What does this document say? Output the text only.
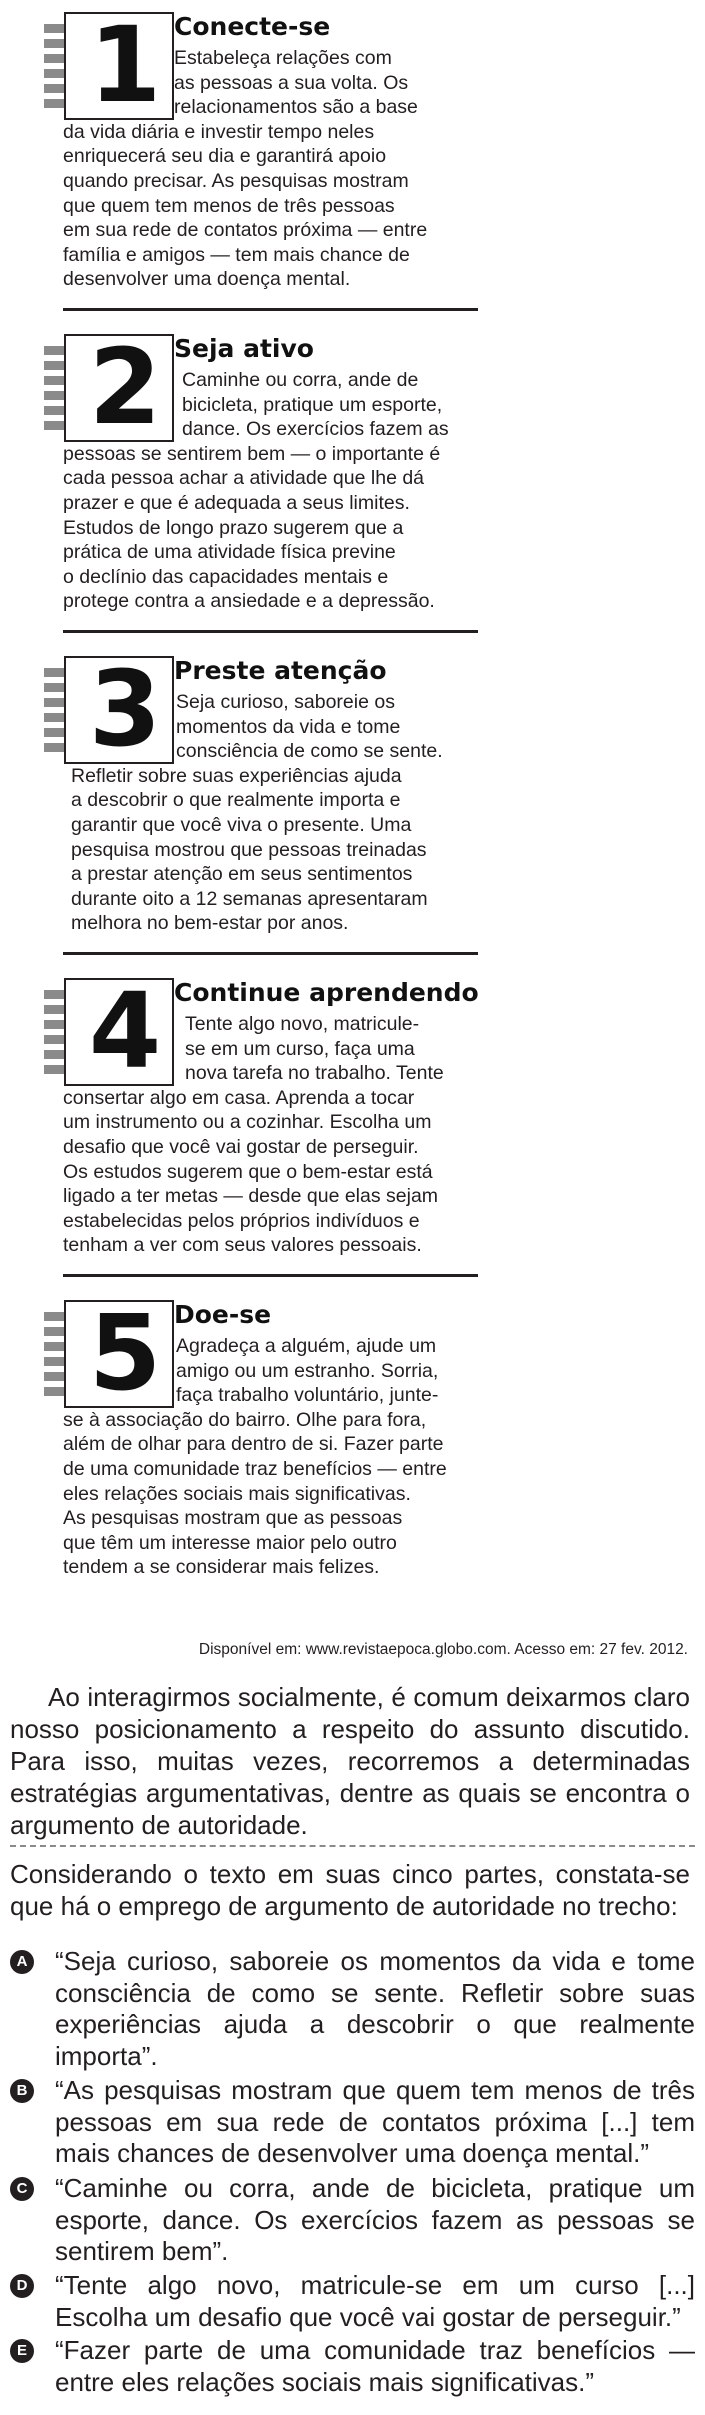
1 Conecte-se
Estabeleça relações com
as pessoas a sua volta. Os
relacionamentos são a base
da vida diária e investir tempo neles
enriquecerá seu dia e garantirá apoio
quando precisar. As pesquisas mostram
que quem tem menos de três pessoas
em sua rede de contatos próxima — entre
família e amigos — tem mais chance de
desenvolver uma doença mental.
2 Seja ativo
Caminhe ou corra, ande de
bicicleta, pratique um esporte,
dance. Os exercícios fazem as
pessoas se sentirem bem — o importante é
cada pessoa achar a atividade que lhe dá
prazer e que é adequada a seus limites.
Estudos de longo prazo sugerem que a
prática de uma atividade física previne
o declínio das capacidades mentais e
protege contra a ansiedade e a depressão.
3 Preste atenção
Seja curioso, saboreie os
momentos da vida e tome
consciência de como se sente.
Refletir sobre suas experiências ajuda
a descobrir o que realmente importa e
garantir que você viva o presente. Uma
pesquisa mostrou que pessoas treinadas
a prestar atenção em seus sentimentos
durante oito a 12 semanas apresentaram
melhora no bem-estar por anos.
4 Continue aprendendo
Tente algo novo, matricule-
se em um curso, faça uma
nova tarefa no trabalho. Tente
consertar algo em casa. Aprenda a tocar
um instrumento ou a cozinhar. Escolha um
desafio que você vai gostar de perseguir.
Os estudos sugerem que o bem-estar está
ligado a ter metas — desde que elas sejam
estabelecidas pelos próprios indivíduos e
tenham a ver com seus valores pessoais.
5 Doe-se
Agradeça a alguém, ajude um
amigo ou um estranho. Sorria,
faça trabalho voluntário, junte-
se à associação do bairro. Olhe para fora,
além de olhar para dentro de si. Fazer parte
de uma comunidade traz benefícios — entre
eles relações sociais mais significativas.
As pesquisas mostram que as pessoas
que têm um interesse maior pelo outro
tendem a se considerar mais felizes.
Disponível em: www.revistaepoca.globo.com. Acesso em: 27 fev. 2012.
Ao interagirmos socialmente, é comum deixarmos claro nosso posicionamento a respeito do assunto discutido. Para isso, muitas vezes, recorremos a determinadas estratégias argumentativas, dentre as quais se encontra o argumento de autoridade.
Considerando o texto em suas cinco partes, constata-se que há o emprego de argumento de autoridade no trecho:
A “Seja curioso, saboreie os momentos da vida e tome consciência de como se sente. Refletir sobre suas experiências ajuda a descobrir o que realmente importa”.
B “As pesquisas mostram que quem tem menos de três pessoas em sua rede de contatos próxima [...] tem mais chances de desenvolver uma doença mental.”
C “Caminhe ou corra, ande de bicicleta, pratique um esporte, dance. Os exercícios fazem as pessoas se sentirem bem”.
D “Tente algo novo, matricule-se em um curso [...] Escolha um desafio que você vai gostar de perseguir.”
E “Fazer parte de uma comunidade traz benefícios — entre eles relações sociais mais significativas.”
